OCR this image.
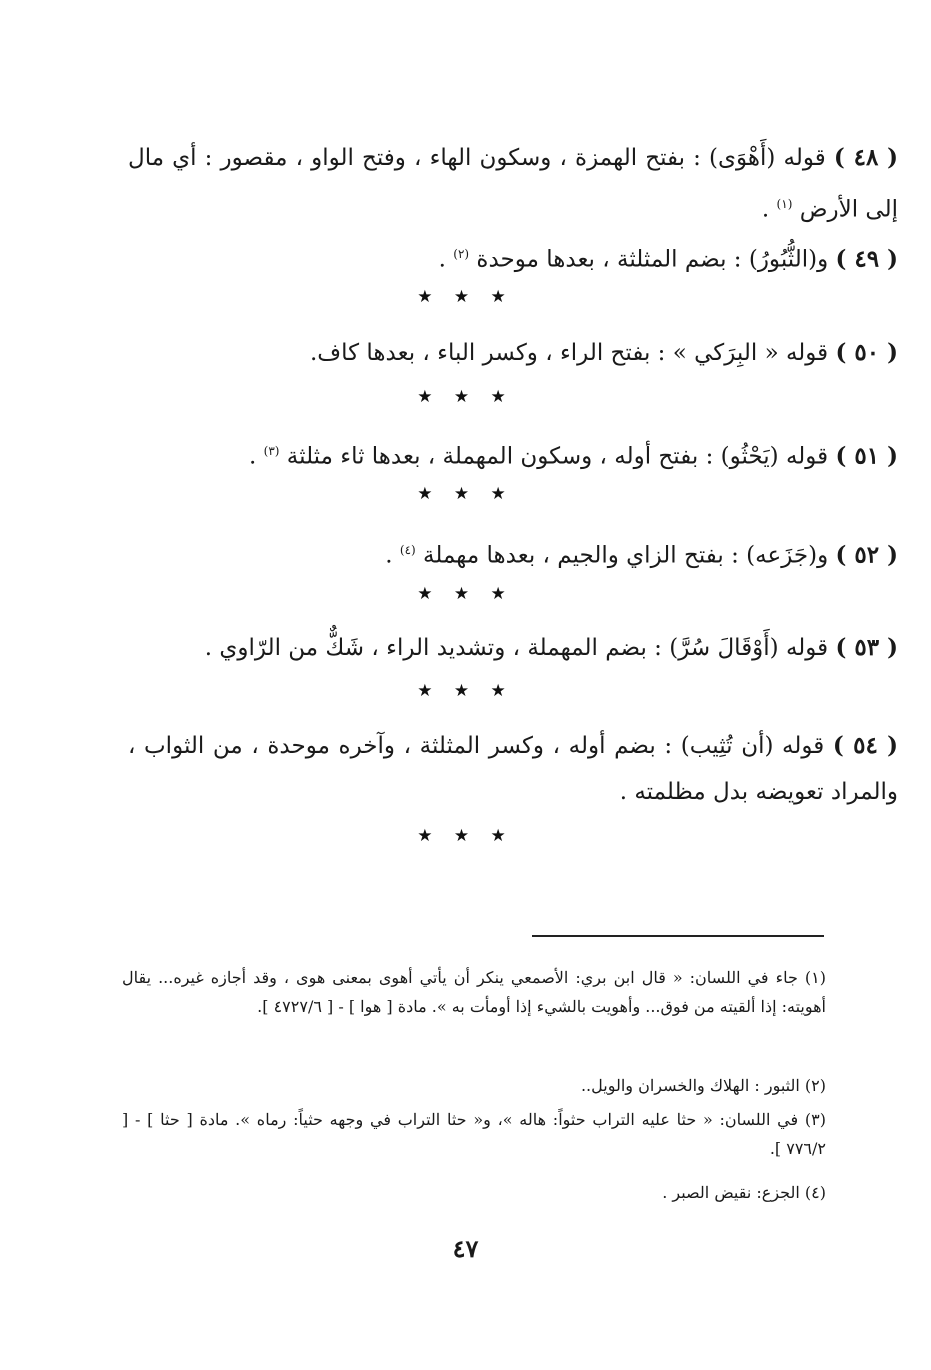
( ٤٨ ) قوله (أَهْوَى) : بفتح الهمزة ، وسكون الهاء ، وفتح الواو ، مقصور : أي مال إلى الأرض $^{(١)}$ .
( ٤٩ ) و(الثُّبُورُ) : بضم المثلثة ، بعدها موحدة $^{(٢)}$ .
★ ★ ★
( ٥٠ ) قوله « البِرَكي » : بفتح الراء ، وكسر الباء ، بعدها كاف.
★ ★ ★
( ٥١ ) قوله (يَحْثُو) : بفتح أوله ، وسكون المهملة ، بعدها ثاء مثلثة $^{(٣)}$ .
★ ★ ★
( ٥٢ ) و(جَزَعه) : بفتح الزاي والجيم ، بعدها مهملة $^{(٤)}$ .
★ ★ ★
( ٥٣ ) قوله (أَوْقَالَ سُرَّ) : بضم المهملة ، وتشديد الراء ، شَكٌّ من الرّاوي .
★ ★ ★
( ٥٤ ) قوله (أن تُثِيب) : بضم أوله ، وكسر المثلثة ، وآخره موحدة ، من الثواب ، والمراد تعويضه بدل مظلمته .
★ ★ ★
(١) جاء في اللسان: « قال ابن بري: الأصمعي ينكر أن يأتي أهوى بمعنى هوى ، وقد أجازه غيره... يقال أهويته: إذا ألقيته من فوق... وأهويت بالشيء إذا أومأت به ». مادة [ هوا ] - [ ٤٧٢٧/٦ ].
(٢) الثبور : الهلاك والخسران والويل..
(٣) في اللسان: « حثا عليه التراب حثواً: هاله »، و« حثا التراب في وجهه حثياً: رماه ». مادة [ حثا ] - [ ٧٧٦/٢ ].
(٤) الجزع: نقيض الصبر .
٤٧
